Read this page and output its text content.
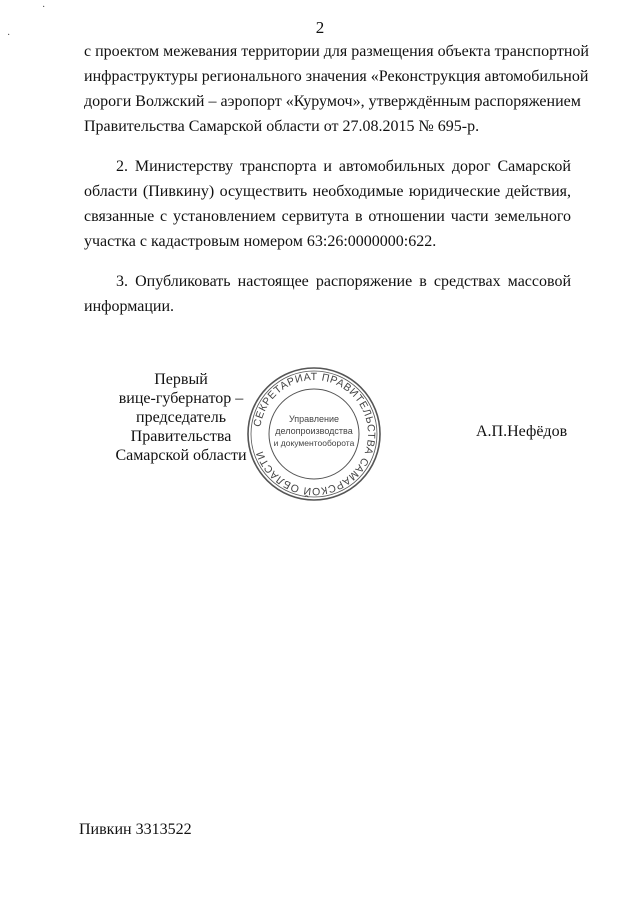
2
с проектом межевания территории для размещения объекта транспортной
инфраструктуры регионального значения «Реконструкция автомобильной
дороги Волжский – аэропорт «Курумоч», утверждённым распоряжением
Правительства Самарской области от 27.08.2015 № 695-р.
2. Министерству транспорта и автомобильных дорог Самарской
области (Пивкину) осуществить необходимые юридические действия,
связанные с установлением сервитута в отношении части земельного
участка с кадастровым номером 63:26:0000000:622.
3. Опубликовать настоящее распоряжение в средствах массовой
информации.
Первый
вице-губернатор –
председатель Правительства
Самарской области
СЕКРЕТАРИАТ ПРАВИТЕЛЬСТВА САМАРСКОЙ ОБЛАСТИ
Управление
делопроизводства
и документооборота
А.П.Нефёдов
Пивкин 3313522
·
·
